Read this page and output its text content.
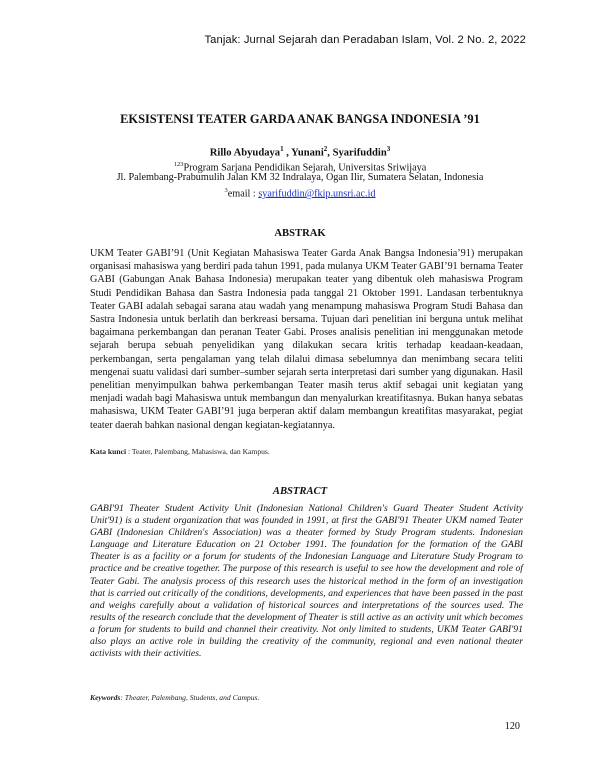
Tanjak: Jurnal Sejarah dan Peradaban Islam, Vol. 2 No. 2, 2022
EKSISTENSI TEATER GARDA ANAK BANGSA INDONESIA ’91
Rillo Abyudaya$^1$ , Yunani$^2$, Syarifuddin$^3$
$^{123}$Program Sarjana Pendidikan Sejarah, Universitas Sriwijaya
Jl. Palembang-Prabumulih Jalan KM 32 Indralaya, Ogan Ilir, Sumatera Selatan, Indonesia
$^3$email : syarifuddin@fkip.unsri.ac.id
ABSTRAK
UKM Teater GABI’91 (Unit Kegiatan Mahasiswa Teater Garda Anak Bangsa Indonesia’91) merupakan organisasi mahasiswa yang berdiri pada tahun 1991, pada mulanya UKM Teater GABI’91 bernama Teater GABI (Gabungan Anak Bahasa Indonesia) merupakan teater yang dibentuk oleh mahasiswa Program Studi Pendidikan Bahasa dan Sastra Indonesia pada tanggal 21 Oktober 1991. Landasan terbentuknya Teater GABI adalah sebagai sarana atau wadah yang menampung mahasiswa Program Studi Bahasa dan Sastra Indonesia untuk berlatih dan berkreasi bersama. Tujuan dari penelitian ini berguna untuk melihat bagaimana perkembangan dan peranan Teater Gabi. Proses analisis penelitian ini menggunakan metode sejarah berupa sebuah penyelidikan yang dilakukan secara kritis terhadap keadaan-keadaan, perkembangan, serta pengalaman yang telah dilalui dimasa sebelumnya dan menimbang secara teliti mengenai suatu validasi dari sumber–sumber sejarah serta interpretasi dari sumber yang digunakan. Hasil penelitian menyimpulkan bahwa perkembangan Teater masih terus aktif sebagai unit kegiatan yang menjadi wadah bagi Mahasiswa untuk membangun dan menyalurkan kreatifitasnya. Bukan hanya sebatas mahasiswa, UKM Teater GABI’91 juga berperan aktif dalam membangun kreatifitas masyarakat, pegiat teater daerah bahkan nasional dengan kegiatan-kegiatannya.
Kata kunci : Teater, Palembang, Mahasiswa, dan Kampus.
ABSTRACT
GABI'91 Theater Student Activity Unit (Indonesian National Children's Guard Theater Student Activity Unit'91) is a student organization that was founded in 1991, at first the GABI'91 Theater UKM named Teater GABI (Indonesian Children's Association) was a theater formed by Study Program students. Indonesian Language and Literature Education on 21 October 1991. The foundation for the formation of the GABI Theater is as a facility or a forum for students of the Indonesian Language and Literature Study Program to practice and be creative together. The purpose of this research is useful to see how the development and role of Teater Gabi. The analysis process of this research uses the historical method in the form of an investigation that is carried out critically of the conditions, developments, and experiences that have been passed in the past and weighs carefully about a validation of historical sources and interpretations of the sources used. The results of the research conclude that the development of Theater is still active as an activity unit which becomes a forum for students to build and channel their creativity. Not only limited to students, UKM Teater GABI'91 also plays an active role in building the creativity of the community, regional and even national theater activists with their activities.
Keywords: Theater, Palembang, Students, and Campus.
120
